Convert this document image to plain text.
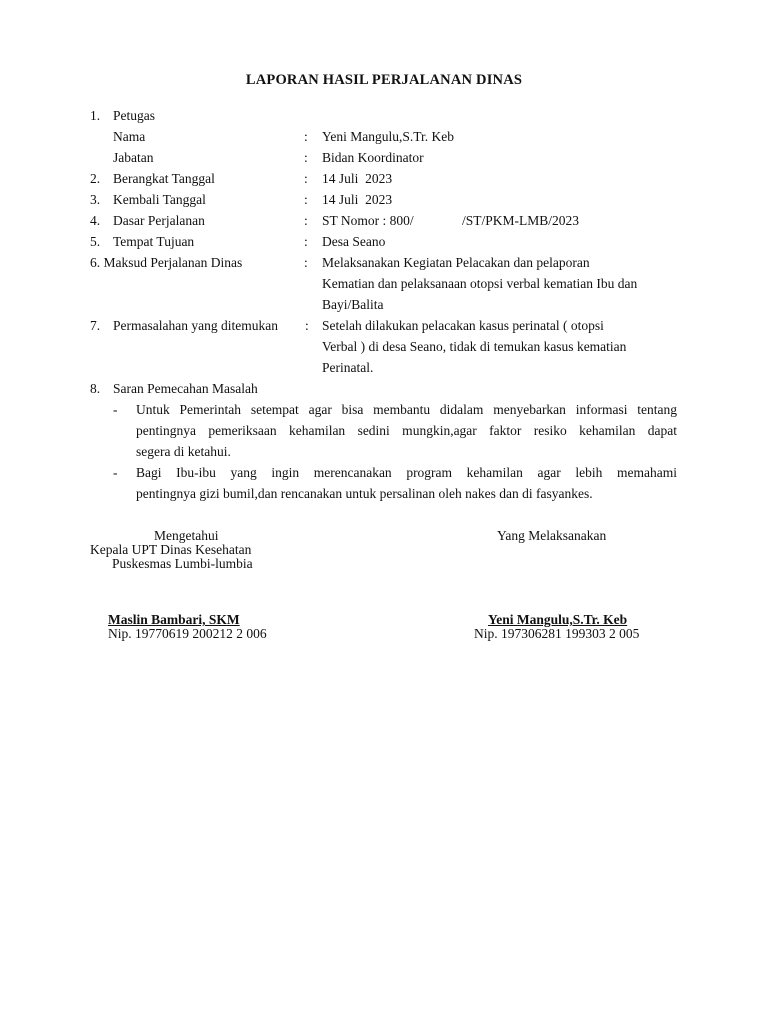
LAPORAN HASIL PERJALANAN DINAS
1. Petugas
Nama	: Yeni Mangulu,S.Tr. Keb
Jabatan	: Bidan Koordinator
2. Berangkat Tanggal	: 14 Juli  2023
3. Kembali Tanggal	: 14 Juli  2023
4. Dasar Perjalanan	: ST Nomor : 800/	/ST/PKM-LMB/2023
5. Tempat Tujuan	: Desa Seano
6. Maksud Perjalanan Dinas	: Melaksanakan Kegiatan Pelacakan dan pelaporan
Kematian dan pelaksanaan otopsi verbal kematian Ibu dan
Bayi/Balita
7. Permasalahan yang ditemukan : Setelah dilakukan pelacakan kasus perinatal ( otopsi
Verbal ) di desa Seano, tidak di temukan kasus kematian
Perinatal.
8. Saran Pemecahan Masalah
- Untuk Pemerintah setempat agar bisa membantu didalam menyebarkan informasi tentang
pentingnya pemeriksaan kehamilan sedini mungkin,agar faktor resiko kehamilan dapat
segera di ketahui.
- Bagi Ibu-ibu yang ingin merencanakan program kehamilan agar lebih memahami
pentingnya gizi bumil,dan rencanakan untuk persalinan oleh nakes dan di fasyankes.
Mengetahui
Kepala UPT Dinas Kesehatan
Puskesmas Lumbi-lumbia
Maslin Bambari, SKM
Nip. 19770619 200212 2 006
Yang Melaksanakan
Yeni Mangulu,S.Tr. Keb
Nip. 197306281 199303 2 005
